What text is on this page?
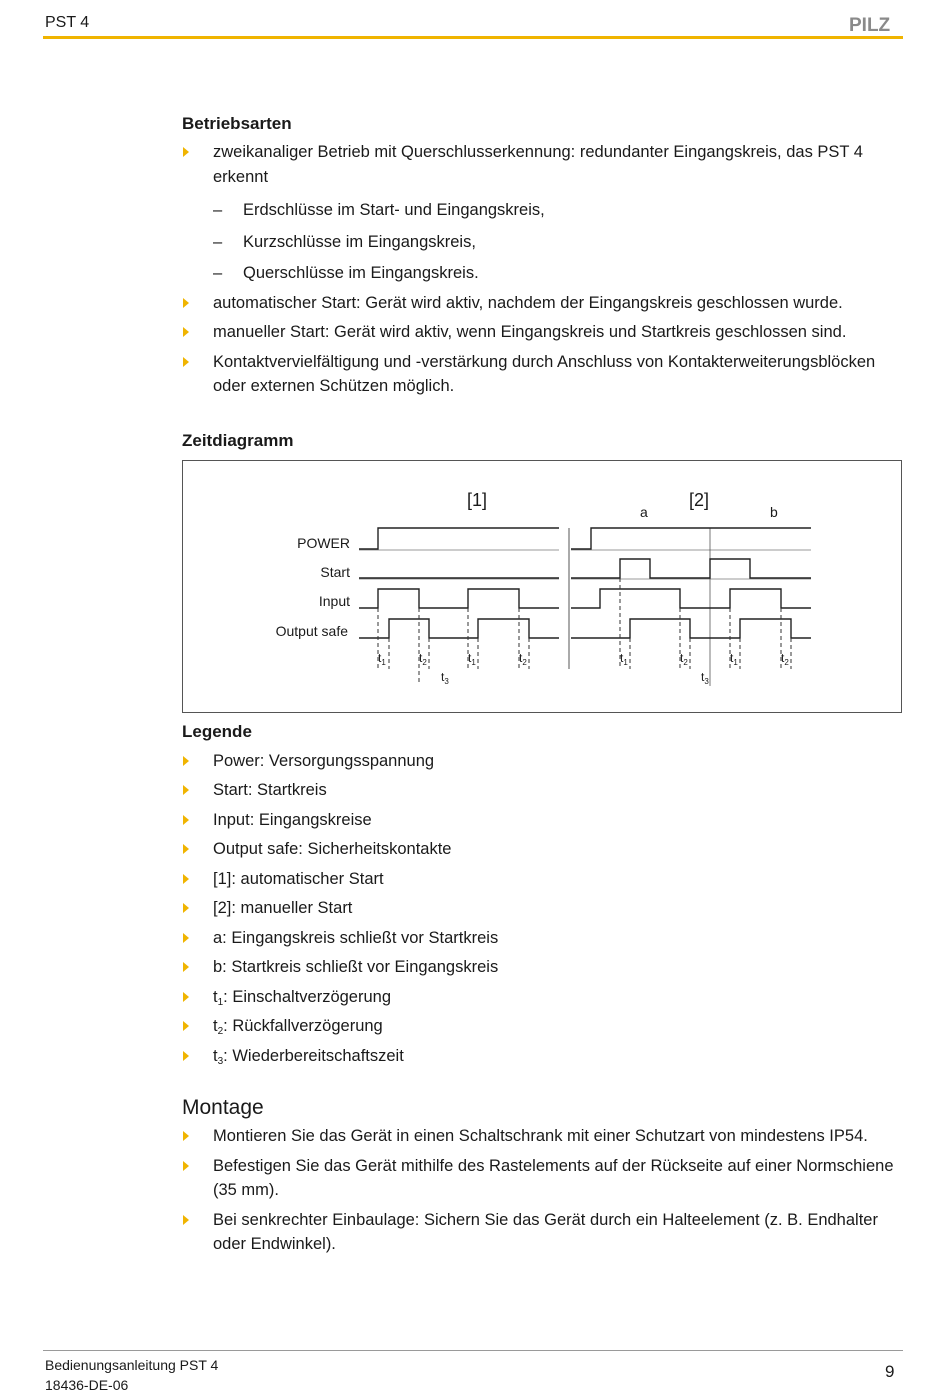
PST 4	PILZ
Betriebsarten
zweikanaliger Betrieb mit Querschlusserkennung: redundanter Eingangskreis, das PST 4 erkennt
– Erdschlüsse im Start- und Eingangskreis,
– Kurzschlüsse im Eingangskreis,
– Querschlüsse im Eingangskreis.
automatischer Start: Gerät wird aktiv, nachdem der Eingangskreis geschlossen wurde.
manueller Start: Gerät wird aktiv, wenn Eingangskreis und Startkreis geschlossen sind.
Kontaktvervielfältigung und -verstärkung durch Anschluss von Kontakterweiterungsblöcken oder externen Schützen möglich.
Zeitdiagramm
POWER
Start
Input
Output safe
[1]	[2]
a	b
$t_1$	$t_2$	$t_1$	$t_2$	$t_1$	$t_2$	$t_1$	$t_2$
$t_3$	$t_3$
Legende
Power: Versorgungsspannung
Start: Startkreis
Input: Eingangskreise
Output safe: Sicherheitskontakte
[1]: automatischer Start
[2]: manueller Start
a: Eingangskreis schließt vor Startkreis
b: Startkreis schließt vor Eingangskreis
$t_1$: Einschaltverzögerung
$t_2$: Rückfallverzögerung
$t_3$: Wiederbereitschaftszeit
Montage
Montieren Sie das Gerät in einen Schaltschrank mit einer Schutzart von mindestens IP54.
Befestigen Sie das Gerät mithilfe des Rastelements auf der Rückseite auf einer Normschiene (35 mm).
Bei senkrechter Einbaulage: Sichern Sie das Gerät durch ein Halteelement (z. B. Endhalter oder Endwinkel).
Bedienungsanleitung PST 4
18436-DE-06
9
